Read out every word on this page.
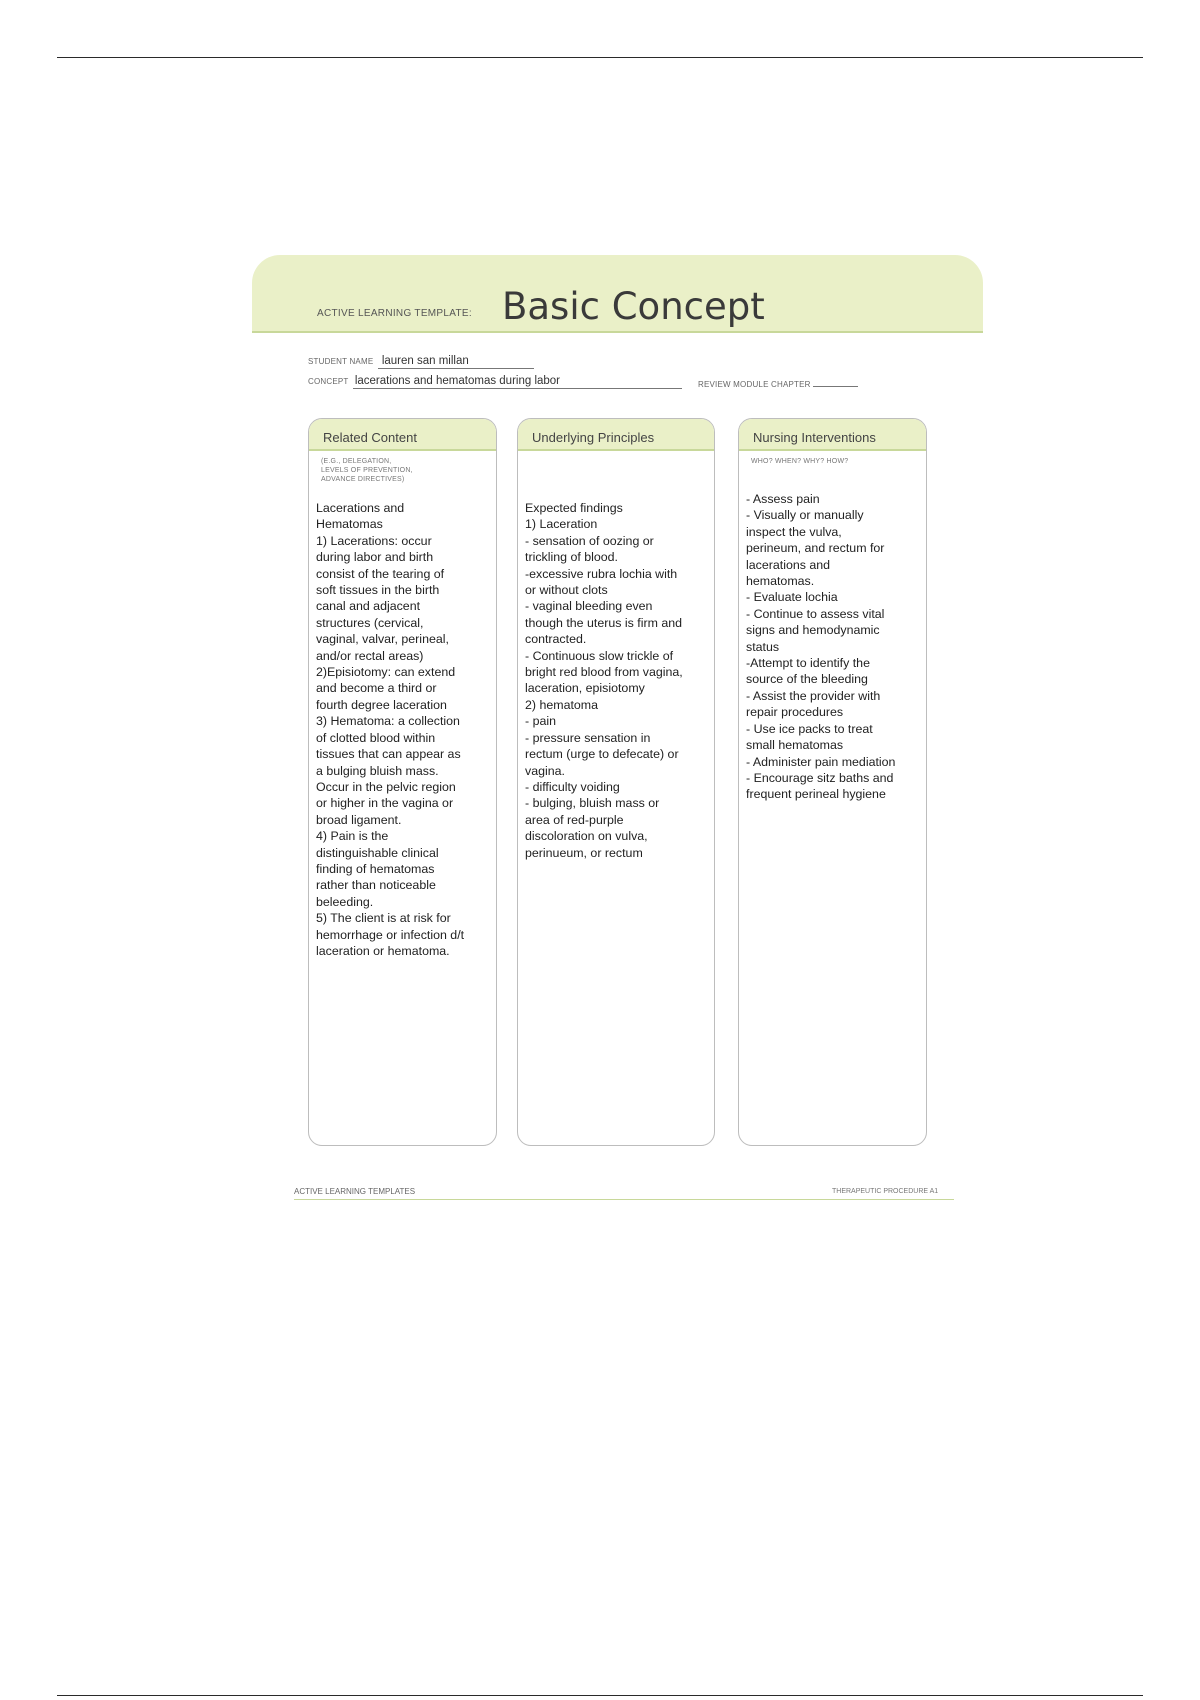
ACTIVE LEARNING TEMPLATE: Basic Concept
STUDENT NAME lauren san millan
CONCEPT lacerations and hematomas during labor	REVIEW MODULE CHAPTER
Related Content
(E.G., DELEGATION,
LEVELS OF PREVENTION,
ADVANCE DIRECTIVES)
Lacerations and
Hematomas
1) Lacerations: occur
during labor and birth
consist of the tearing of
soft tissues in the birth
canal and adjacent
structures (cervical,
vaginal, valvar, perineal,
and/or rectal areas)
2)Episiotomy: can extend
and become a third or
fourth degree laceration
3) Hematoma: a collection
of clotted blood within
tissues that can appear as
a bulging bluish mass.
Occur in the pelvic region
or higher in the vagina or
broad ligament.
4) Pain is the
distinguishable clinical
finding of hematomas
rather than noticeable
beleeding.
5) The client is at risk for
hemorrhage or infection d/t
laceration or hematoma.
Underlying Principles
Expected findings
1) Laceration
- sensation of oozing or
trickling of blood.
-excessive rubra lochia with
or without clots
- vaginal bleeding even
though the uterus is firm and
contracted.
- Continuous slow trickle of
bright red blood from vagina,
laceration, episiotomy
2) hematoma
- pain
- pressure sensation in
rectum (urge to defecate) or
vagina.
- difficulty voiding
- bulging, bluish mass or
area of red-purple
discoloration on vulva,
perinueum, or rectum
Nursing Interventions
WHO? WHEN? WHY? HOW?
- Assess pain
- Visually or manually
inspect the vulva,
perineum, and rectum for
lacerations and
hematomas.
- Evaluate lochia
- Continue to assess vital
signs and hemodynamic
status
-Attempt to identify the
source of the bleeding
- Assist the provider with
repair procedures
- Use ice packs to treat
small hematomas
- Administer pain mediation
- Encourage sitz baths and
frequent perineal hygiene
ACTIVE LEARNING TEMPLATES	THERAPEUTIC PROCEDURE A1
